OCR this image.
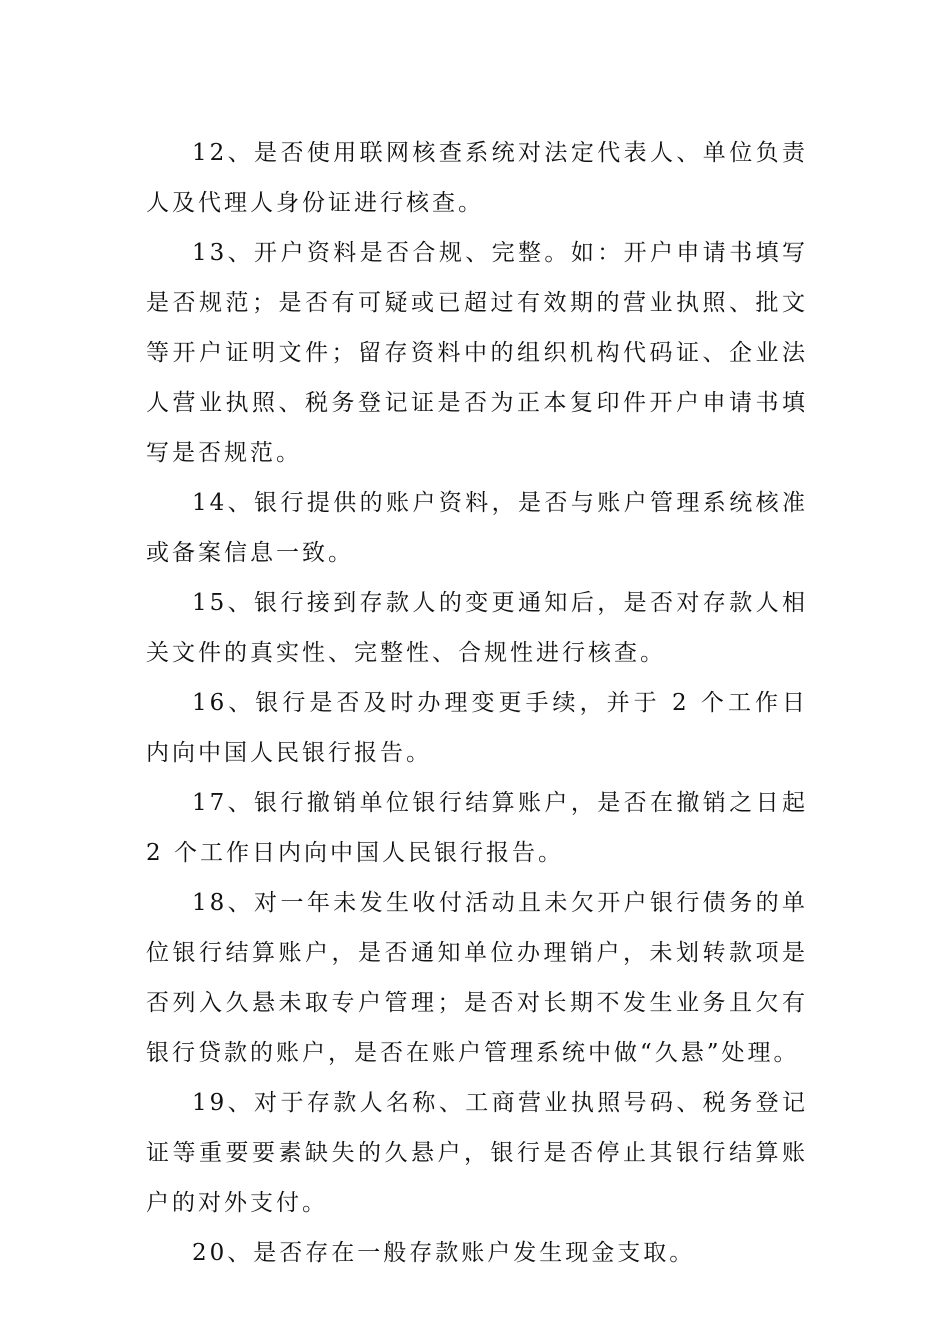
12、是否使用联网核查系统对法定代表人、单位负责人及代理人身份证进行核查。

13、开户资料是否合规、完整。如：开户申请书填写是否规范；是否有可疑或已超过有效期的营业执照、批文等开户证明文件；留存资料中的组织机构代码证、企业法人营业执照、税务登记证是否为正本复印件开户申请书填写是否规范。

14、银行提供的账户资料，是否与账户管理系统核准或备案信息一致。

15、银行接到存款人的变更通知后，是否对存款人相关文件的真实性、完整性、合规性进行核查。

16、银行是否及时办理变更手续，并于 2 个工作日内向中国人民银行报告。

17、银行撤销单位银行结算账户，是否在撤销之日起 2 个工作日内向中国人民银行报告。

18、对一年未发生收付活动且未欠开户银行债务的单位银行结算账户，是否通知单位办理销户，未划转款项是否列入久悬未取专户管理；是否对长期不发生业务且欠有银行贷款的账户，是否在账户管理系统中做“久悬”处理。

19、对于存款人名称、工商营业执照号码、税务登记证等重要要素缺失的久悬户，银行是否停止其银行结算账户的对外支付。

20、是否存在一般存款账户发生现金支取。
